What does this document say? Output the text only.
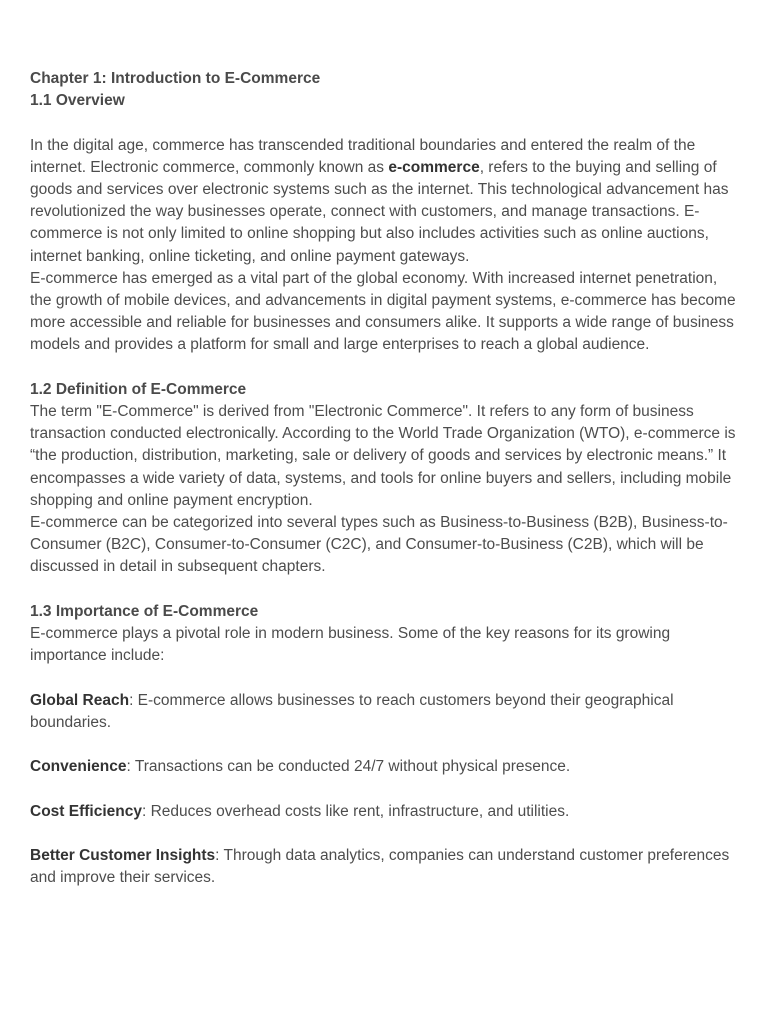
Chapter 1: Introduction to E-Commerce

1.1 Overview

In the digital age, commerce has transcended traditional boundaries and entered the realm of the internet. Electronic commerce, commonly known as e-commerce, refers to the buying and selling of goods and services over electronic systems such as the internet. This technological advancement has revolutionized the way businesses operate, connect with customers, and manage transactions. E-commerce is not only limited to online shopping but also includes activities such as online auctions, internet banking, online ticketing, and online payment gateways.

E-commerce has emerged as a vital part of the global economy. With increased internet penetration, the growth of mobile devices, and advancements in digital payment systems, e-commerce has become more accessible and reliable for businesses and consumers alike. It supports a wide range of business models and provides a platform for small and large enterprises to reach a global audience.

1.2 Definition of E-Commerce

The term "E-Commerce" is derived from "Electronic Commerce". It refers to any form of business transaction conducted electronically. According to the World Trade Organization (WTO), e-commerce is “the production, distribution, marketing, sale or delivery of goods and services by electronic means.” It encompasses a wide variety of data, systems, and tools for online buyers and sellers, including mobile shopping and online payment encryption.

E-commerce can be categorized into several types such as Business-to-Business (B2B), Business-to-Consumer (B2C), Consumer-to-Consumer (C2C), and Consumer-to-Business (C2B), which will be discussed in detail in subsequent chapters.

1.3 Importance of E-Commerce

E-commerce plays a pivotal role in modern business. Some of the key reasons for its growing importance include:

Global Reach: E-commerce allows businesses to reach customers beyond their geographical boundaries.

Convenience: Transactions can be conducted 24/7 without physical presence.

Cost Efficiency: Reduces overhead costs like rent, infrastructure, and utilities.

Better Customer Insights: Through data analytics, companies can understand customer preferences and improve their services.
